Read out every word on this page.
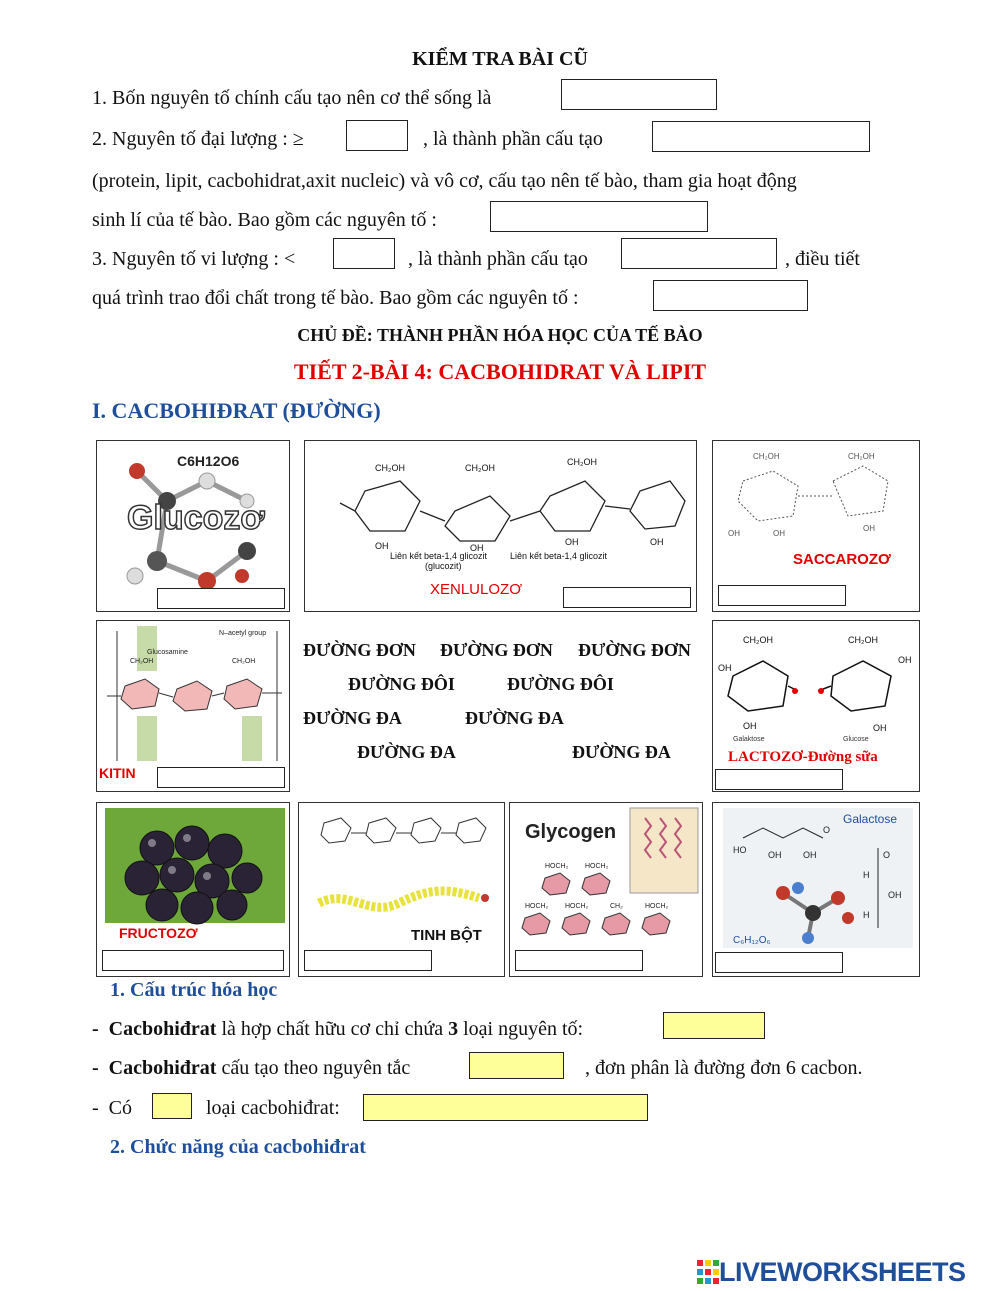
KIỂM TRA BÀI CŨ
1. Bốn nguyên tố chính cấu tạo nên cơ thể sống là
2. Nguyên tố đại lượng : ≥	, là thành phần cấu tạo
(protein, lipit, cacbohidrat,axit nucleic) và vô cơ, cấu tạo nên tế bào, tham gia hoạt động
sinh lí của tế bào. Bao gồm các nguyên tố :
3. Nguyên tố vi lượng : <	, là thành phần cấu tạo	, điều tiết
quá trình trao đổi chất trong tế bào. Bao gồm các nguyên tố :
CHỦ ĐỀ: THÀNH PHẦN HÓA HỌC CỦA TẾ BÀO
TIẾT 2-BÀI 4: CACBOHIDRAT VÀ LIPIT
I. CACBOHIĐRAT (ĐƯỜNG)
C6H12O6
Glucozơ
CH₂OH	CH₂OH
CH₂OH
OH	OH
OH	OH
Liên kết beta-1,4 glicozit	Liên kết beta-1,4 glicozit
(glucozit)
XENLULOZƠ
CH₂OH	CH₂OH
OH	OH
OH
SACCAROZƠ
Glucosamine
N–acetyl group
CH₂OH	CH₂OH
KITIN
ĐƯỜNG ĐƠN ĐƯỜNG ĐƠN ĐƯỜNG ĐƠN
ĐƯỜNG ĐÔI	ĐƯỜNG ĐÔI
ĐƯỜNG ĐA	ĐƯỜNG ĐA
ĐƯỜNG ĐA	ĐƯỜNG ĐA
CH₂OH	CH₂OH
OH
OH	OH
OH
Galaktose	Glucose
LACTOZƠ-Đường sữa
FRUCTOZƠ	TINH BỘT
Glycogen
HOCH₂ HOCH₂
HOCH₂ HOCH₂	CH₂	HOCH₂
Galactose
HO OH OH
O
O
H
OH
H
C₆H₁₂O₆
1. Cấu trúc hóa học
- Cacbohiđrat là hợp chất hữu cơ chỉ chứa 3 loại nguyên tố:
- Cacbohiđrat cấu tạo theo nguyên tắc	, đơn phân là đường đơn 6 cacbon.
- Có	loại cacbohiđrat:
2. Chức năng của cacbohiđrat
LIVEWORKSHEETS
